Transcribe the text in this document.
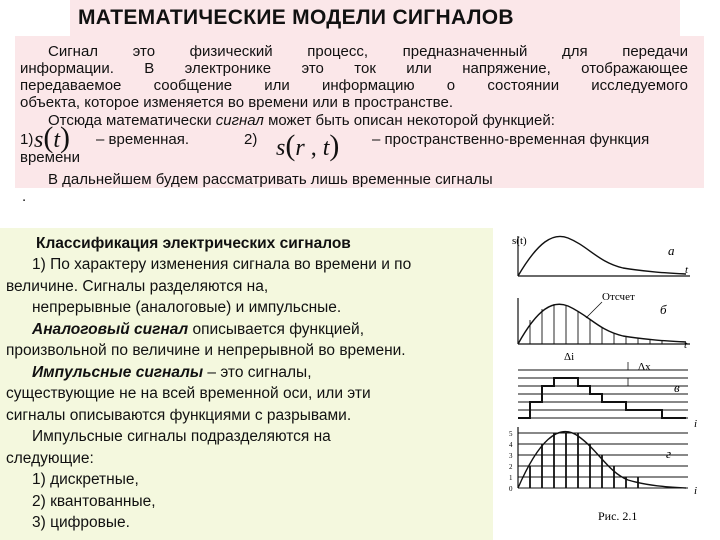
МАТЕМАТИЧЕСКИЕ МОДЕЛИ СИГНАЛОВ
Сигнал это физический процесс, предназначенный для передачи
информации. В электронике это ток или напряжение, отображающее
передаваемое сообщение или информацию о состоянии исследуемого
объекта, которое изменяется во времени или в пространстве.
Отсюда математически сигнал может быть описан некоторой функцией:
1) s(t) – временная.	2) s(r , t) – пространственно-временная функция
времени
В дальнейшем будем рассматривать лишь временные сигналы
.
Классификация электрических сигналов
1) По характеру изменения сигнала во времени и по
величине. Сигналы разделяются на,
непрерывные (аналоговые) и импульсные.
Аналоговый сигнал описывается функцией,
произвольной по величине и непрерывной во времени.
Импульсные сигналы – это сигналы,
существующие не на всей временной оси, или эти
сигналы описываются функциями с разрывами.
Импульсные сигналы подразделяются на
следующие:
1) дискретные,
2) квантованные,
3) цифровые.
s(t)
t
а
Отсчет
б
t
Δi
Δx
в
i
5
4
3
2
1
0
г
i
Рис. 2.1
